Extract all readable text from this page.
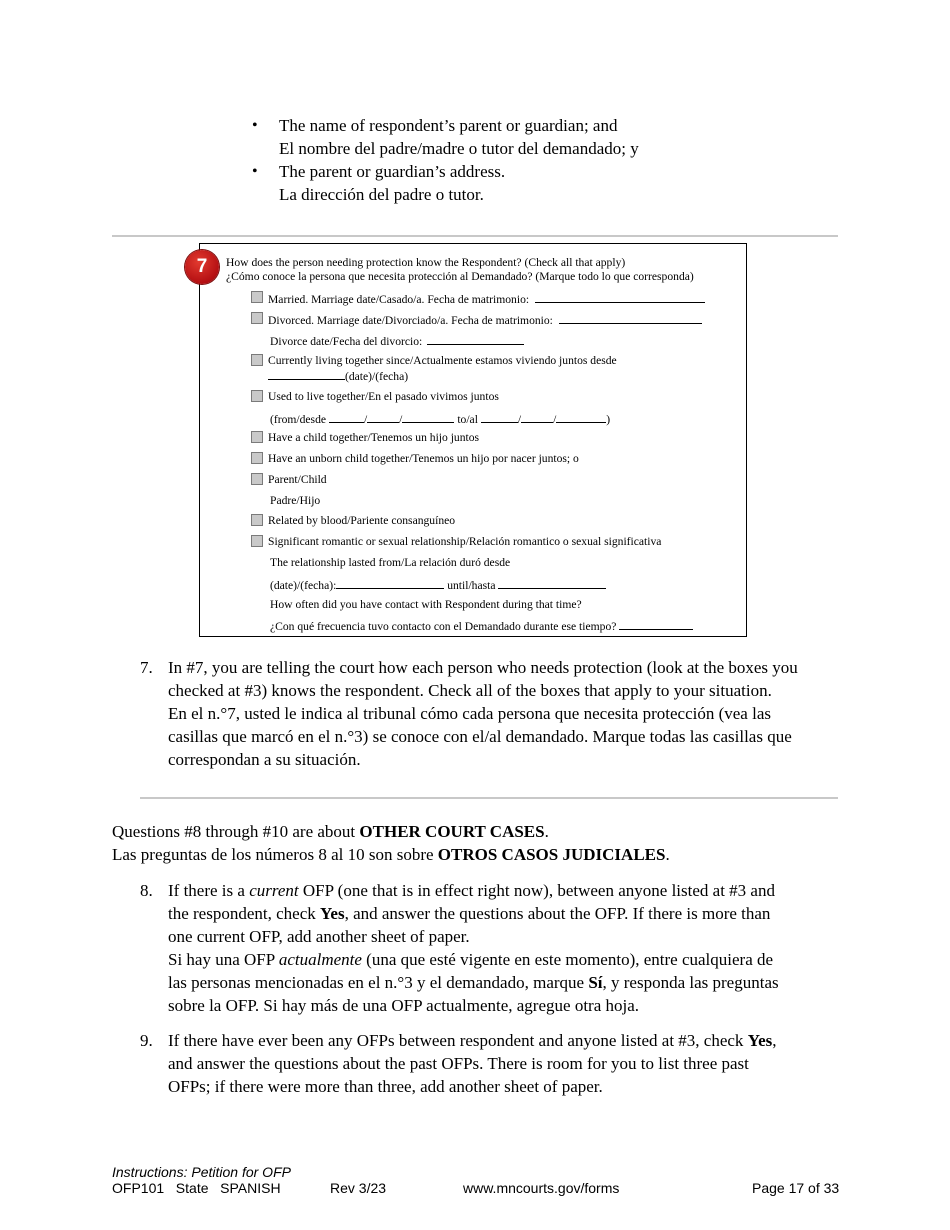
•	The name of respondent’s parent or guardian; and
El nombre del padre/madre o tutor del demandado; y
•	The parent or guardian’s address.
La dirección del padre o tutor.
7	How does the person needing protection know the Respondent? (Check all that apply)
¿Cómo conoce la persona que necesita protección al Demandado? (Marque todo lo que corresponda)
Married. Marriage date/Casado/a. Fecha de matrimonio:
Divorced. Marriage date/Divorciado/a. Fecha de matrimonio:
Divorce date/Fecha del divorcio:
Currently living together since/Actualmente estamos viviendo juntos desde
(date)/(fecha)
Used to live together/En el pasado vivimos juntos
(from/desde	/	/	to/al	/	/	)
Have a child together/Tenemos un hijo juntos
Have an unborn child together/Tenemos un hijo por nacer juntos; o
Parent/Child
Padre/Hijo
Related by blood/Pariente consanguíneo
Significant romantic or sexual relationship/Relación romantico o sexual significativa
The relationship lasted from/La relación duró desde
(date)/(fecha):	until/hasta
How often did you have contact with Respondent during that time?
¿Con qué frecuencia tuvo contacto con el Demandado durante ese tiempo?
7. In #7, you are telling the court how each person who needs protection (look at the boxes you
checked at #3) knows the respondent. Check all of the boxes that apply to your situation.
En el n.°7, usted le indica al tribunal cómo cada persona que necesita protección (vea las
casillas que marcó en el n.°3) se conoce con el/al demandado. Marque todas las casillas que
correspondan a su situación.
Questions #8 through #10 are about OTHER COURT CASES.
Las preguntas de los números 8 al 10 son sobre OTROS CASOS JUDICIALES.
8. If there is a current OFP (one that is in effect right now), between anyone listed at #3 and
the respondent, check Yes, and answer the questions about the OFP. If there is more than
one current OFP, add another sheet of paper.
Si hay una OFP actualmente (una que esté vigente en este momento), entre cualquiera de
las personas mencionadas en el n.°3 y el demandado, marque Sí, y responda las preguntas
sobre la OFP. Si hay más de una OFP actualmente, agregue otra hoja.
9. If there have ever been any OFPs between respondent and anyone listed at #3, check Yes,
and answer the questions about the past OFPs. There is room for you to list three past
OFPs; if there were more than three, add another sheet of paper.
Instructions: Petition for OFP
OFP101   State   SPANISH	Rev 3/23	www.mncourts.gov/forms	Page 17 of 33
